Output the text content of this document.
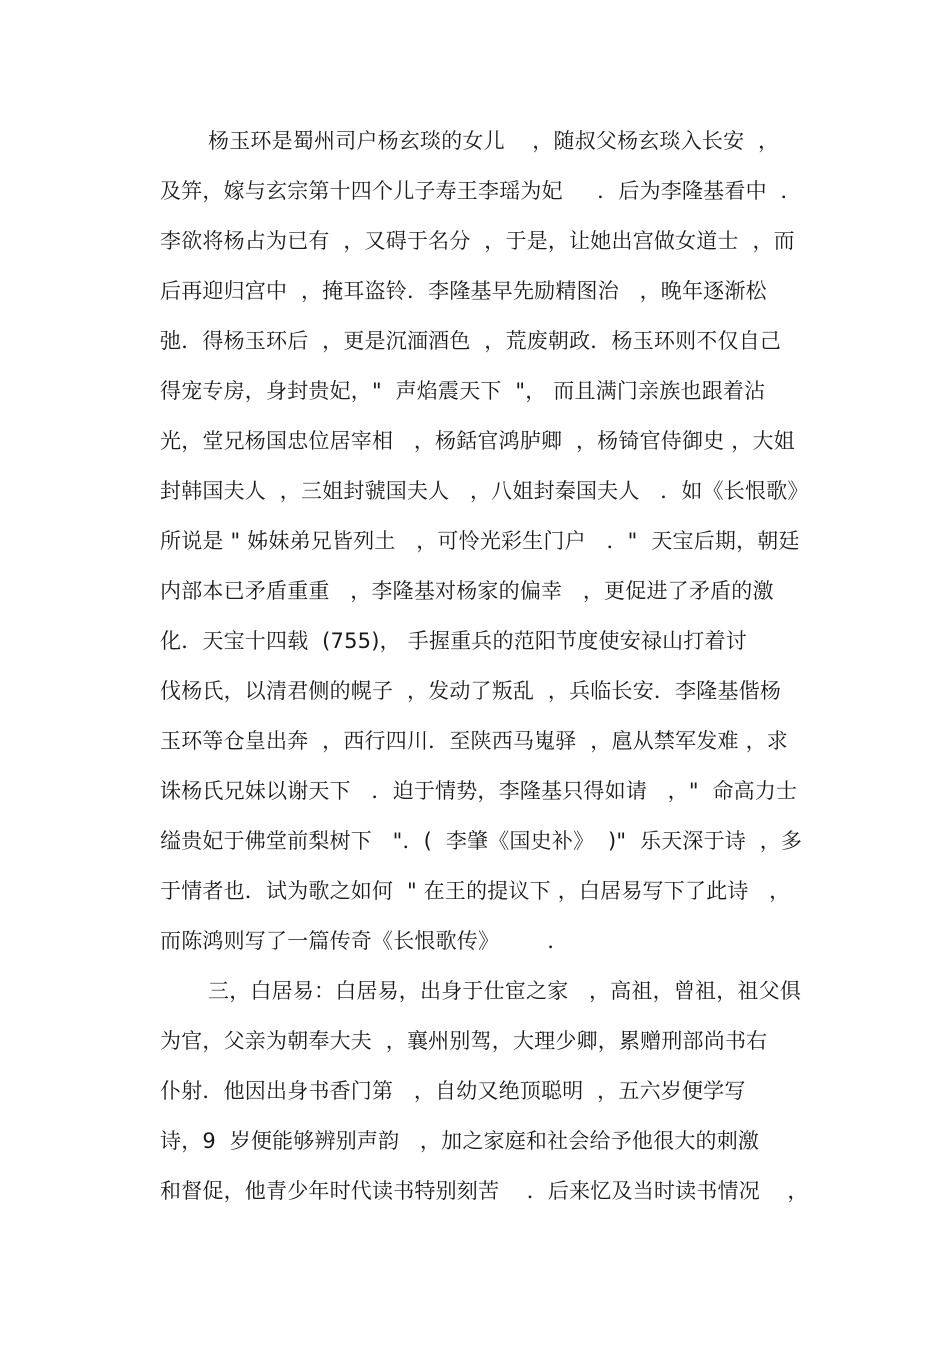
杨玉环是蜀州司户杨玄琰的女儿    ，随叔父杨玄琰入长安  ，
及笄，嫁与玄宗第十四个儿子寿王李瑶为妃     ．后为李隆基看中  ．
李欲将杨占为已有  ，又碍于名分  ，于是，让她出宫做女道士  ，而
后再迎归宫中  ，掩耳盗铃．李隆基早先励精图治   ，晚年逐渐松
弛．得杨玉环后  ，更是沉湎酒色  ，荒废朝政．杨玉环则不仅自己
得宠专房，身封贵妃，"  声焰震天下  "， 而且满门亲族也跟着沾
光，堂兄杨国忠位居宰相   ，杨銛官鸿胪卿  ，杨锜官侍御史 ，大姐
封韩国夫人  ，三姐封虢国夫人   ，八姐封秦国夫人   ．如《长恨歌》
所说是 " 姊妹弟兄皆列土   ，可怜光彩生门户   ．"  天宝后期，朝廷
内部本已矛盾重重   ，李隆基对杨家的偏幸   ，更促进了矛盾的激
化．天宝十四载  (755)， 手握重兵的范阳节度使安禄山打着讨
伐杨氏，以清君侧的幌子  ，发动了叛乱  ，兵临长安．李隆基偕杨
玉环等仓皇出奔  ，西行四川．至陕西马嵬驿  ，扈从禁军发难 ，求
诛杨氏兄妹以谢天下   ．迫于情势，李隆基只得如请   ，"  命高力士
缢贵妃于佛堂前梨树下   "．(  李肇《国史补》  )"  乐天深于诗  ，多
于情者也．试为歌之如何  " 在王的提议下 ，白居易写下了此诗   ，
而陈鸿则写了一篇传奇《长恨歌传》       ．
三，白居易：白居易，出身于仕宦之家   ，高祖，曾祖，祖父俱
为官，父亲为朝奉大夫  ，襄州别驾，大理少卿，累赠刑部尚书右
仆射．他因出身书香门第   ，自幼又绝顶聪明  ，五六岁便学写
诗，9  岁便能够辨别声韵   ，加之家庭和社会给予他很大的刺激
和督促，他青少年时代读书特别刻苦    ．后来忆及当时读书情况    ，
